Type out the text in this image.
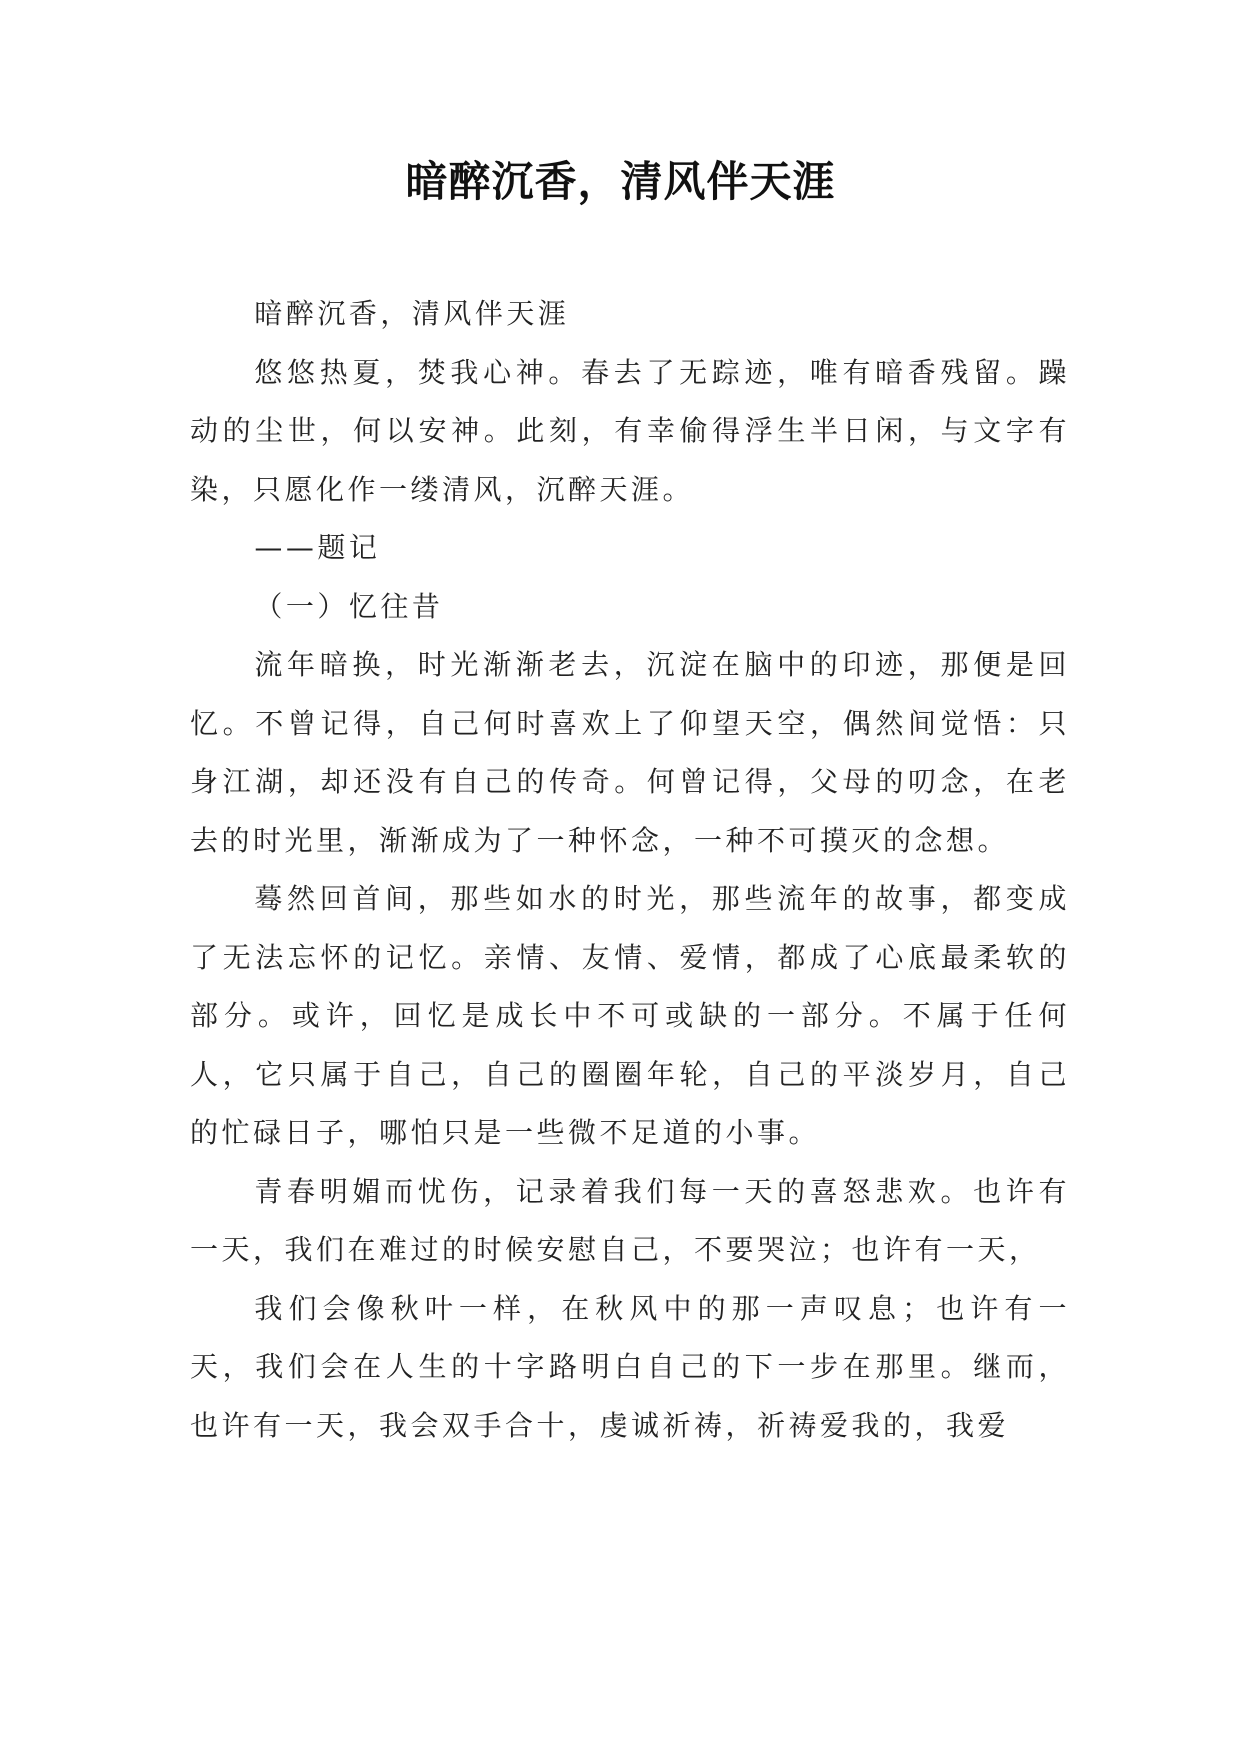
暗醉沉香，清风伴天涯

暗醉沉香，清风伴天涯

悠悠热夏，焚我心神。春去了无踪迹，唯有暗香残留。躁动的尘世，何以安神。此刻，有幸偷得浮生半日闲，与文字有染，只愿化作一缕清风，沉醉天涯。

——题记

（一）忆往昔

流年暗换，时光渐渐老去，沉淀在脑中的印迹，那便是回忆。不曾记得，自己何时喜欢上了仰望天空，偶然间觉悟：只身江湖，却还没有自己的传奇。何曾记得，父母的叨念，在老去的时光里，渐渐成为了一种怀念，一种不可摸灭的念想。

蓦然回首间，那些如水的时光，那些流年的故事，都变成了无法忘怀的记忆。亲情、友情、爱情，都成了心底最柔软的部分。或许，回忆是成长中不可或缺的一部分。不属于任何人，它只属于自己，自己的圈圈年轮，自己的平淡岁月，自己的忙碌日子，哪怕只是一些微不足道的小事。

青春明媚而忧伤，记录着我们每一天的喜怒悲欢。也许有一天，我们在难过的时候安慰自己，不要哭泣；也许有一天，

我们会像秋叶一样，在秋风中的那一声叹息；也许有一天，我们会在人生的十字路明白自己的下一步在那里。继而，也许有一天，我会双手合十，虔诚祈祷，祈祷爱我的，我爱
